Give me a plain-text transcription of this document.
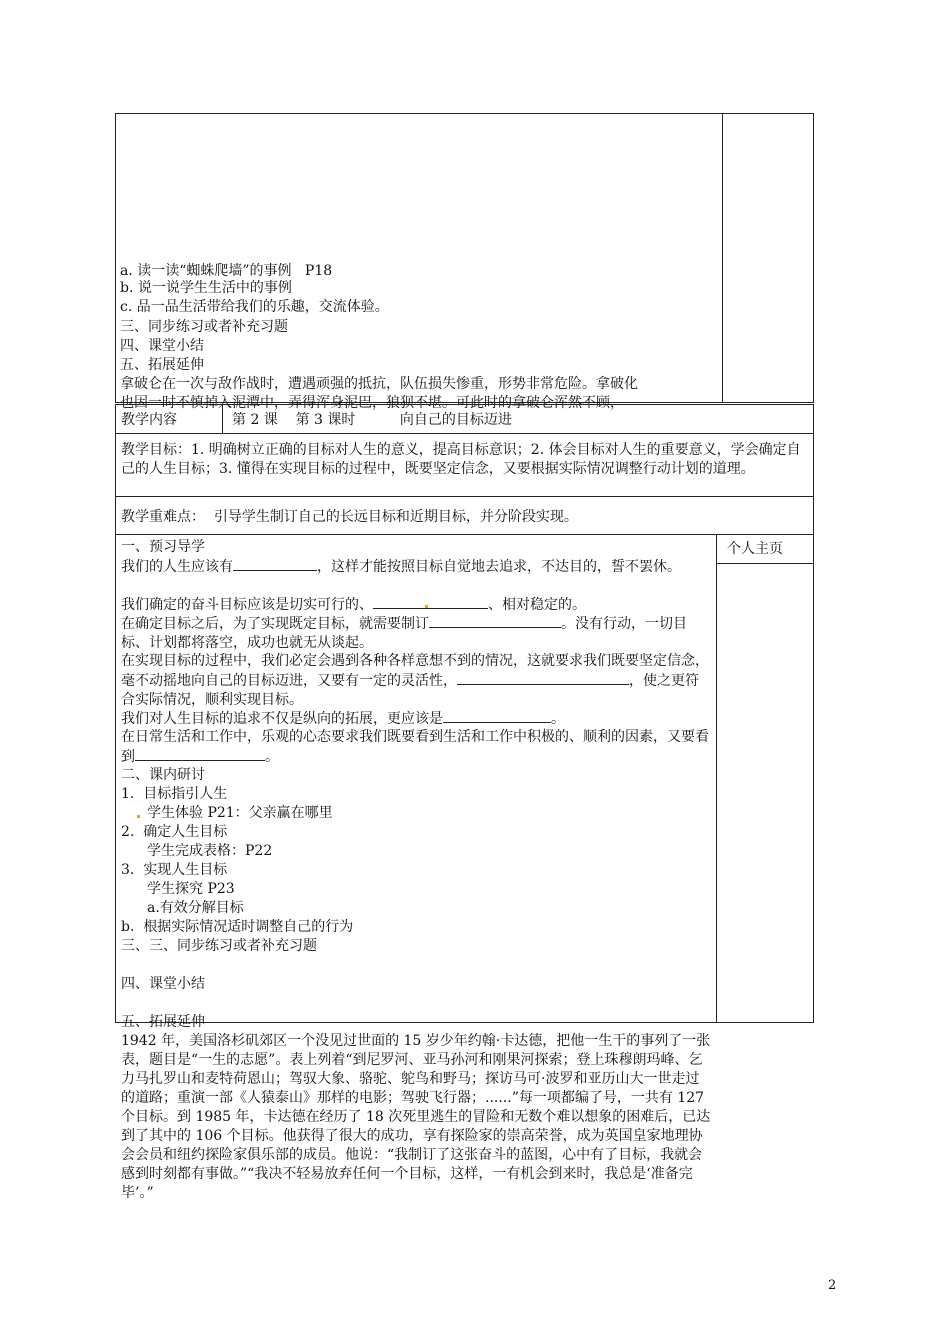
a. 读一读“蜘蛛爬墙”的事例   P18
b. 说一说学生生活中的事例
c. 品一品生活带给我们的乐趣，交流体验。
三、同步练习或者补充习题
四、课堂小结
五、拓展延伸
拿破仑在一次与敌作战时，遭遇顽强的抵抗，队伍损失惨重，形势非常危险。拿破化
也因一时不慎掉入泥潭中，弄得浑身泥巴，狼狈不堪。可此时的拿破仑浑然不顾，
教学内容	第 2 课    第 3 课时          向自己的目标迈进
教学目标：1. 明确树立正确的目标对人生的意义，提高目标意识；2. 体会目标对人生的重要意义，学会确定自己的人生目标；3. 懂得在实现目标的过程中，既要坚定信念，又要根据实际情况调整行动计划的道理。
教学重难点：  引导学生制订自己的长远目标和近期目标，并分阶段实现。
个人主页
一、预习导学
我们的人生应该有	，这样才能按照目标自觉地去追求，不达目的，誓不罢休。
我们确定的奋斗目标应该是切实可行的、	、相对稳定的。
在确定目标之后，为了实现既定目标，就需要制订	。没有行动，一切目标、计划都将落空，成功也就无从谈起。
在实现目标的过程中，我们必定会遇到各种各样意想不到的情况，这就要求我们既要坚定信念，毫不动摇地向自己的目标迈进，又要有一定的灵活性，	，使之更符合实际情况，顺利实现目标。
我们对人生目标的追求不仅是纵向的拓展，更应该是	。
在日常生活和工作中，乐观的心态要求我们既要看到生活和工作中积极的、顺利的因素，又要看到	。
二、课内研讨
1.  目标指引人生
学生体验 P21：父亲赢在哪里
2.  确定人生目标
学生完成表格：P22
3.  实现人生目标
学生探究 P23
a.有效分解目标
b.  根据实际情况适时调整自己的行为
三、三、同步练习或者补充习题
四、课堂小结
五、拓展延伸
1942 年，美国洛杉矶郊区一个没见过世面的 15 岁少年约翰·卡达德，把他一生干的事列了一张表，题目是“一生的志愿”。表上列着“到尼罗河、亚马孙河和刚果河探索；登上珠穆朗玛峰、乞力马扎罗山和麦特荷恩山；驾驭大象、骆驼、鸵鸟和野马；探访马可·波罗和亚历山大一世走过的道路；重演一部《人猿泰山》那样的电影；驾驶飞行器；......”每一项都编了号，一共有 127 个目标。到 1985 年，卡达德在经历了 18 次死里逃生的冒险和无数个难以想象的困难后，已达到了其中的 106 个目标。他获得了很大的成功，享有探险家的崇高荣誉，成为英国皇家地理协会会员和纽约探险家俱乐部的成员。他说：“我制订了这张奋斗的蓝图，心中有了目标，我就会感到时刻都有事做。”“我决不轻易放弃任何一个目标，这样，一有机会到来时，我总是‘准备完毕’。”
2
